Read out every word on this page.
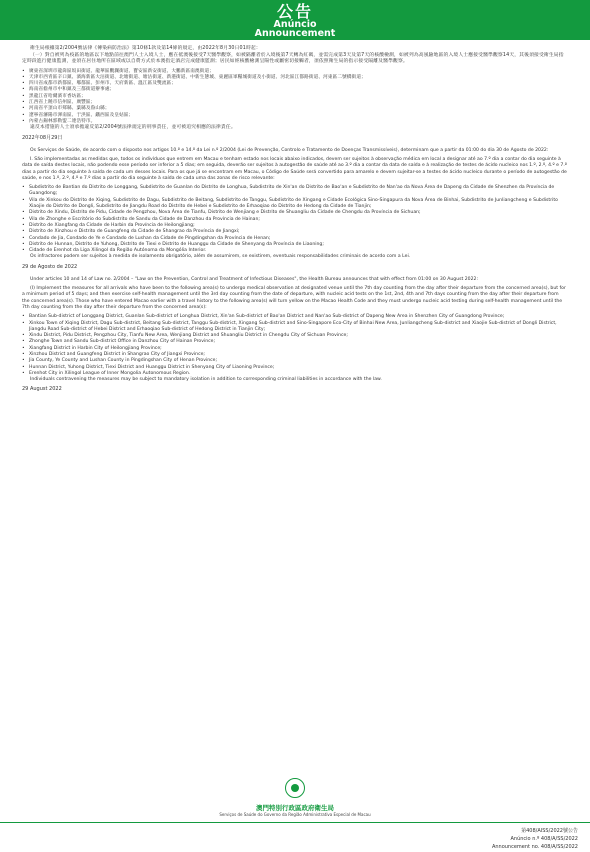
公告
Anúncio
Announcement
衛生局根據第2/2004號法律《傳染病防治法》第10條1款及第14條的規定，由2022年8月30日01時起：
（一）對自被列為疫區的地區以下地點前往澳門人士入境人士，應在抵澳後接受7天醫學觀察，如被隔離者於入境後第7天轉為紅碼，並需完成第3天及第7天的核酸檢測，如被列為高風險地區的入境人士應接受醫學觀察14天，其後須接受衛生局指定時段進行健康監測，並須在居住地所在區域或以自費方式於本澳指定酒店完成健康監測；居民如經核酸檢測呈陽性或屬密切接觸者，須依照衛生局的指示接受隔離及醫學觀察。
• 廣東省深圳市龍崗區坂田街道、龍華區觀瀾街道、寶安區新安街道、大鵬新區南澳街道；
• 天津市西青區辛口鎮、濱海新區大沽街道、北塘街道、塘沽街道、新港街道、中新生態城、東麗區軍糧城街道及小街道、河北區江都路街道、河東區二號橋街道；
• 四川省成都市新都區、郫都區、彭州市、天府新區、溫江區及雙流區；
• 海南省儋州市中和鎮及三都街道辦事處；
• 黑龍江省哈爾濱市香坊區；
• 江西省上饒市信州區、廣豐區；
• 河南省平頂山市郟縣、葉縣及魯山縣；
• 遼寧省瀋陽市渾南區、于洪區、鐵西區及皇姑區；
• 內蒙古錫林郭勒盟二連浩特市。
違反本措施的人士須承擔違反第2/2004號法律規定的刑事責任，並可被追究相應的法律責任。
2022年08月29日
Os Serviços de Saúde, de acordo com o disposto nos artigos 10.º e 14.º da Lei n.º 2/2004 (Lei de Prevenção, Controlo e Tratamento de Doenças Transmissíveis), determinam que a partir da 01:00 do dia 30 de Agosto de 2022:
I. São implementadas as medidas que, todos os indivíduos que entrem em Macau e tenham estado nos locais abaixo indicados, devem ser sujeitos à observação médica em local a designar até ao 7.º dia a contar do dia seguinte à data de saída destes locais, não podendo esse período ser inferior a 5 dias; em seguida, deverão ser sujeitos à autogestão de saúde até ao 3.º dia a contar da data de saída e à realização de testes de ácido nucleico nos 1.º, 2.º, 4.º e 7.º dias a partir do dia seguinte à saída de cada um desses locais. Para os que já se encontram em Macau, o Código de Saúde será convertido para amarelo e devem sujeitar-se a testes de ácido nucleico durante o período de autogestão de saúde, e nos 1.º, 2.º, 4.º e 7.º dias a partir do dia seguinte à saída de cada uma das zonas de risco relevante:
• Subdistrito de Bantian do Distrito de Longgang, Subdistrito de Guanlan do Distrito de Longhua, Subdistrito de Xin'an do Distrito de Bao'an e Subdistrito de Nan'ao da Nova Área de Dapeng da Cidade de Shenzhen da Província de Guangdong;
• Vila de Xinkou do Distrito de Xiqing, Subdistrito de Dagu, Subdistrito de Beitang, Subdistrito de Tanggu, Subdistrito de Xingang e Cidade Ecológica Sino-Singapura da Nova Área de Binhai, Subdistrito de Junliangcheng e Subdistrito Xiaojie do Distrito de Dongli, Subdistrito de Jiangdu Road do Distrito de Hebei e Subdistrito de Erhaoqiao do Distrito de Hedong da Cidade de Tianjin;
• Distrito de Xindu, Distrito de Pidu, Cidade de Pengzhou, Nova Área de Tianfu, Distrito de Wenjiang e Distrito de Shuangliu da Cidade de Chengdu da Província de Sichuan;
• Vila de Zhonghe e Escritório do Subdistrito de Sandu da Cidade de Danzhou da Província de Hainan;
• Distrito de Xiangfang da Cidade de Harbin da Província de Heilongjiang;
• Distrito de Xinzhou e Distrito de Guangfeng da Cidade de Shangrao da Província de Jiangxi;
• Condado de Jia, Condado de Ye e Condado de Lushan da Cidade de Pingdingshan da Província de Henan;
• Distrito de Hunnan, Distrito de Yuhong, Distrito de Tiexi e Distrito de Huanggu da Cidade de Shenyang da Província de Liaoning;
• Cidade de Erenhot da Liga Xilingol da Região Autónoma da Mongólia Interior.
Os infractores podem ser sujeitos à medida de isolamento obrigatório, além de assumirem, se existirem, eventuais responsabilidades criminais de acordo com a Lei.
29 de Agosto de 2022
Under articles 10 and 14 of Law no. 2/2004 – "Law on the Prevention, Control and Treatment of Infectious Diseases", the Health Bureau announces that with effect from 01:00 on 30 August 2022:
(I) Implement the measures for all arrivals who have been to the following area(s) to undergo medical observation at designated venue until the 7th day counting from the day after their departure from the concerned area(s), but for a minimum period of 5 days; and then exercise self-health management until the 3rd day counting from the date of departure, with nucleic acid tests on the 1st, 2nd, 4th and 7th days counting from the day after their departure from the concerned area(s). Those who have entered Macao earlier with a travel history to the following area(s) will turn yellow on the Macao Health Code and they must undergo nucleic acid testing during self-health management until the 7th day counting from the day after their departure from the concerned area(s):
• Bantian Sub-district of Longgang District, Guanlan Sub-district of Longhua District, Xin'an Sub-district of Bao'an District and Nan'ao Sub-district of Dapeng New Area in Shenzhen City of Guangdong Province;
• Xinkou Town of Xiqing District, Dagu Sub-district, Beitang Sub-district, Tanggu Sub-district, Xingang Sub-district and Sino-Singapore Eco-City of Binhai New Area, Junliangcheng Sub-district and Xiaojie Sub-district of Dongli District, Jiangdu Road Sub-district of Hebei District and Erhaoqiao Sub-district of Hedong District in Tianjin City;
• Xindu District, Pidu District, Pengzhou City, Tianfu New Area, Wenjiang District and Shuangliu District in Chengdu City of Sichuan Province;
• Zhonghe Town and Sandu Sub-district Office in Danzhou City of Hainan Province;
• Xiangfang District in Harbin City of Heilongjiang Province;
• Xinzhou District and Guangfeng District in Shangrao City of Jiangxi Province;
• Jia County, Ye County and Lushan County in Pingdingshan City of Henan Province;
• Hunnan District, Yuhong District, Tiexi District and Huanggu District in Shenyang City of Liaoning Province;
• Erenhot City in Xilingol League of Inner Mongolia Autonomous Region.
Individuals contravening the measures may be subject to mandatory isolation in addition to corresponding criminal liabilities in accordance with the law.
29 August 2022
澳門特別行政區政府衛生局
Serviços de Saúde do Governo da Região Administrativa Especial de Macau
第408/AISS/2022號公告
Anúncio n.º 408/A/SS/2022
Announcement no. 408/A/SS/2022
